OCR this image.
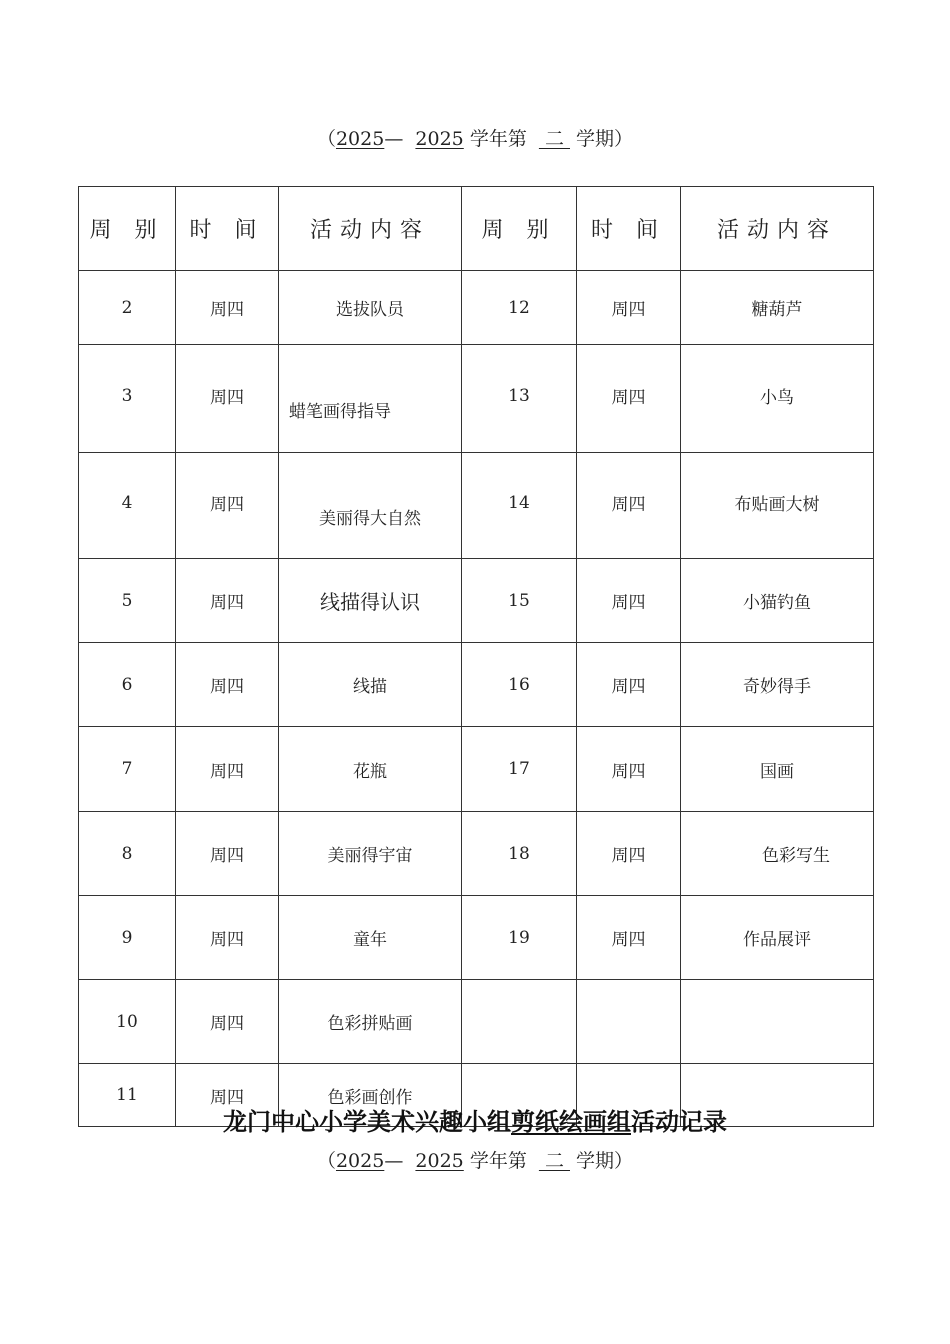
（2025—  2025 学年第   二  学期）
周 别	时 间	活动内容	周 别	时 间	活动内容
2	周四	选拔队员	12	周四	糖葫芦
3	周四	蜡笔画得指导	13	周四	小鸟
4	周四	美丽得大自然	14	周四	布贴画大树
5	周四	线描得认识	15	周四	小猫钓鱼
6	周四	线描	16	周四	奇妙得手
7	周四	花瓶	17	周四	国画
8	周四	美丽得宇宙	18	周四	色彩写生
9	周四	童年	19	周四	作品展评
10	周四	色彩拼贴画			
11	周四	色彩画创作			
龙门中心小学美术兴趣小组剪纸绘画组活动记录
（2025—  2025 学年第   二  学期）
